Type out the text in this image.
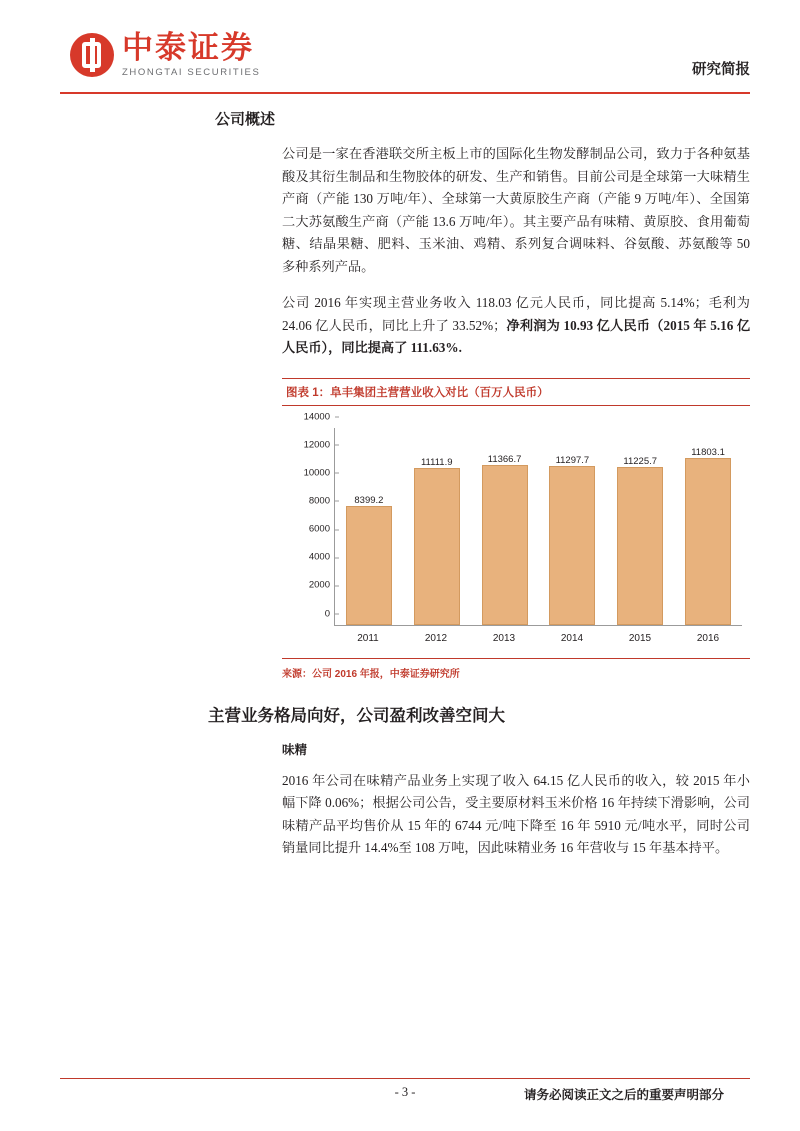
中泰证券
ZHONGTAI SECURITIES	研究简报
公司概述

公司是一家在香港联交所主板上市的国际化生物发酵制品公司，致力于各种氨基酸及其衍生制品和生物胶体的研发、生产和销售。目前公司是全球第一大味精生产商（产能 130 万吨/年）、全球第一大黄原胶生产商（产能 9 万吨/年）、全国第二大苏氨酸生产商（产能 13.6 万吨/年）。其主要产品有味精、黄原胶、食用葡萄糖、结晶果糖、肥料、玉米油、鸡精、系列复合调味料、谷氨酸、苏氨酸等 50 多种系列产品。

公司 2016 年实现主营业务收入 118.03 亿元人民币，同比提高 5.14%；毛利为 24.06 亿人民币，同比上升了 33.52%；净利润为 10.93 亿人民币（2015 年 5.16 亿人民币），同比提高了 111.63%.

图表 1：阜丰集团主营营业收入对比（百万人民币）
14000
12000
10000
8000
6000
4000
2000
0
8399.2
11111.9	11366.7	11297.7	11225.7
11803.1
2011	2012	2013	2014	2015	2016
来源：公司 2016 年报，中泰证券研究所
主营业务格局向好，公司盈利改善空间大
味精

2016 年公司在味精产品业务上实现了收入 64.15 亿人民币的收入，较 2015 年小幅下降 0.06%；根据公司公告，受主要原材料玉米价格 16 年持续下滑影响，公司味精产品平均售价从 15 年的 6744 元/吨下降至 16 年 5910 元/吨水平，同时公司销量同比提升 14.4%至 108 万吨，因此味精业务 16 年营收与 15 年基本持平。

- 3 -	请务必阅读正文之后的重要声明部分
